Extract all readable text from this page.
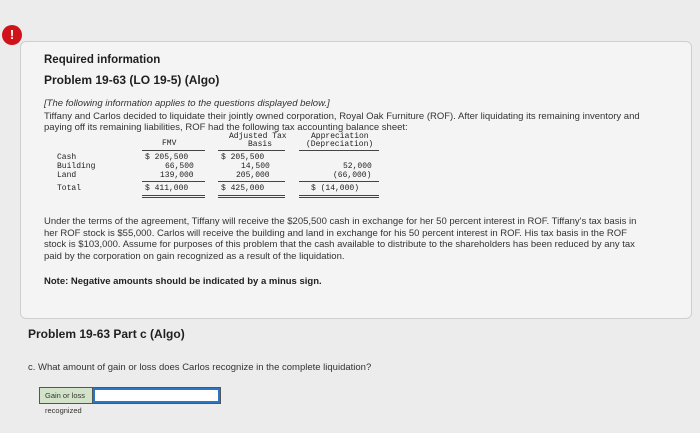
!
Required information
Problem 19-63 (LO 19-5) (Algo)
[The following information applies to the questions displayed below.]
Tiffany and Carlos decided to liquidate their jointly owned corporation, Royal Oak Furniture (ROF). After liquidating its remaining inventory and paying off its remaining liabilities, ROF had the following tax accounting balance sheet:
FMV
Adjusted Tax
Basis
Appreciation
(Depreciation)
Cash	$ 205,500	$ 205,500
Building	66,500	14,500	52,000
Land	139,000	205,000	(66,000)
Total	$ 411,000	$ 425,000	$ (14,000)
Under the terms of the agreement, Tiffany will receive the $205,500 cash in exchange for her 50 percent interest in ROF. Tiffany's tax basis in her ROF stock is $55,000. Carlos will receive the building and land in exchange for his 50 percent interest in ROF. His tax basis in the ROF stock is $103,000. Assume for purposes of this problem that the cash available to distribute to the shareholders has been reduced by any tax paid by the corporation on gain recognized as a result of the liquidation.
Note: Negative amounts should be indicated by a minus sign.
Problem 19-63 Part c (Algo)
c. What amount of gain or loss does Carlos recognize in the complete liquidation?
Gain or loss recognized
